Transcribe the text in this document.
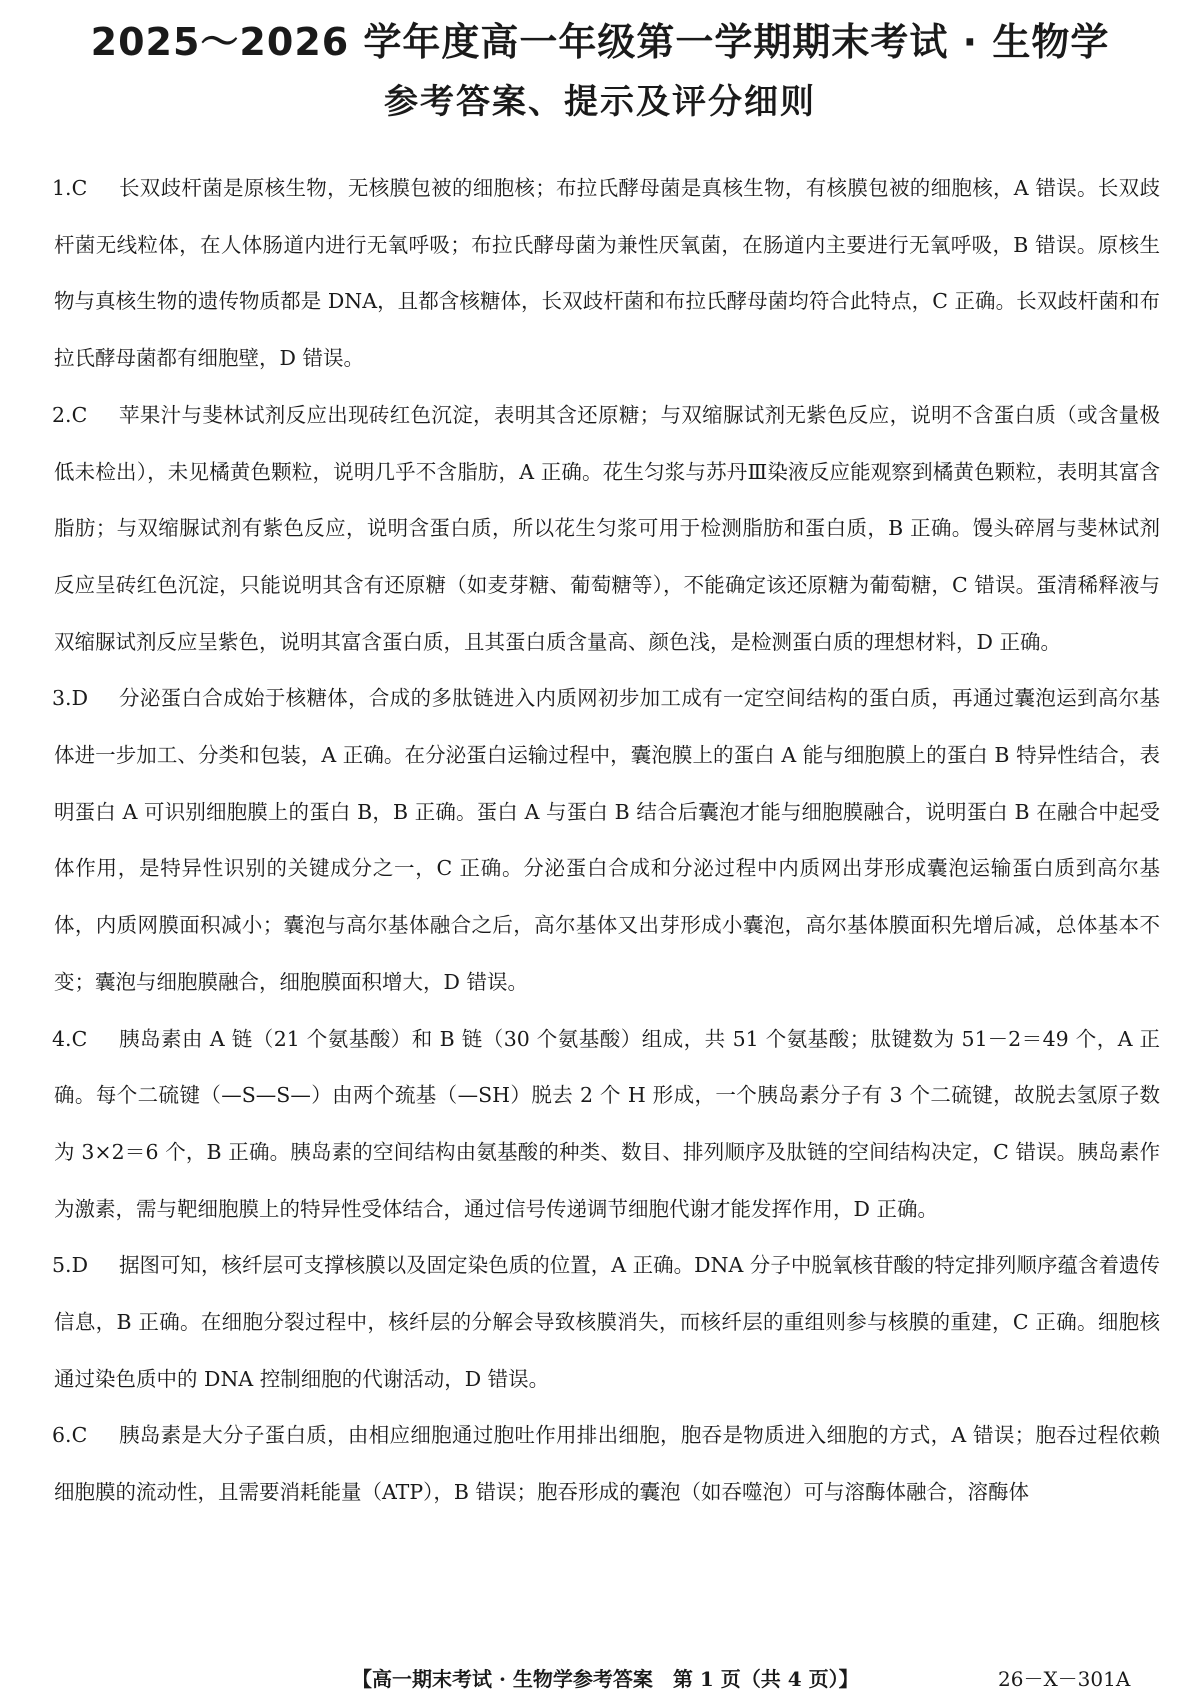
2025～2026 学年度高一年级第一学期期末考试 · 生物学
参考答案、提示及评分细则
1.C	长双歧杆菌是原核生物，无核膜包被的细胞核；布拉氏酵母菌是真核生物，有核膜包被的细胞核，A 错误。长双歧杆菌无线粒体，在人体肠道内进行无氧呼吸；布拉氏酵母菌为兼性厌氧菌，在肠道内主要进行无氧呼吸，B 错误。原核生物与真核生物的遗传物质都是 DNA，且都含核糖体，长双歧杆菌和布拉氏酵母菌均符合此特点，C 正确。长双歧杆菌和布拉氏酵母菌都有细胞壁，D 错误。
2.C	苹果汁与斐林试剂反应出现砖红色沉淀，表明其含还原糖；与双缩脲试剂无紫色反应，说明不含蛋白质（或含量极低未检出），未见橘黄色颗粒，说明几乎不含脂肪，A 正确。花生匀浆与苏丹Ⅲ染液反应能观察到橘黄色颗粒，表明其富含脂肪；与双缩脲试剂有紫色反应，说明含蛋白质，所以花生匀浆可用于检测脂肪和蛋白质，B 正确。馒头碎屑与斐林试剂反应呈砖红色沉淀，只能说明其含有还原糖（如麦芽糖、葡萄糖等），不能确定该还原糖为葡萄糖，C 错误。蛋清稀释液与双缩脲试剂反应呈紫色，说明其富含蛋白质，且其蛋白质含量高、颜色浅，是检测蛋白质的理想材料，D 正确。
3.D	分泌蛋白合成始于核糖体，合成的多肽链进入内质网初步加工成有一定空间结构的蛋白质，再通过囊泡运到高尔基体进一步加工、分类和包装，A 正确。在分泌蛋白运输过程中，囊泡膜上的蛋白 A 能与细胞膜上的蛋白 B 特异性结合，表明蛋白 A 可识别细胞膜上的蛋白 B，B 正确。蛋白 A 与蛋白 B 结合后囊泡才能与细胞膜融合，说明蛋白 B 在融合中起受体作用，是特异性识别的关键成分之一，C 正确。分泌蛋白合成和分泌过程中内质网出芽形成囊泡运输蛋白质到高尔基体，内质网膜面积减小；囊泡与高尔基体融合之后，高尔基体又出芽形成小囊泡，高尔基体膜面积先增后减，总体基本不变；囊泡与细胞膜融合，细胞膜面积增大，D 错误。
4.C	胰岛素由 A 链（21 个氨基酸）和 B 链（30 个氨基酸）组成，共 51 个氨基酸；肽键数为 51－2＝49 个，A 正确。每个二硫键（—S—S—）由两个巯基（—SH）脱去 2 个 H 形成，一个胰岛素分子有 3 个二硫键，故脱去氢原子数为 3×2＝6 个，B 正确。胰岛素的空间结构由氨基酸的种类、数目、排列顺序及肽链的空间结构决定，C 错误。胰岛素作为激素，需与靶细胞膜上的特异性受体结合，通过信号传递调节细胞代谢才能发挥作用，D 正确。
5.D	据图可知，核纤层可支撑核膜以及固定染色质的位置，A 正确。DNA 分子中脱氧核苷酸的特定排列顺序蕴含着遗传信息，B 正确。在细胞分裂过程中，核纤层的分解会导致核膜消失，而核纤层的重组则参与核膜的重建，C 正确。细胞核通过染色质中的 DNA 控制细胞的代谢活动，D 错误。
6.C	胰岛素是大分子蛋白质，由相应细胞通过胞吐作用排出细胞，胞吞是物质进入细胞的方式，A 错误；胞吞过程依赖细胞膜的流动性，且需要消耗能量（ATP），B 错误；胞吞形成的囊泡（如吞噬泡）可与溶酶体融合，溶酶体
【高一期末考试 · 生物学参考答案　第 1 页（共 4 页）】	26－X－301A
